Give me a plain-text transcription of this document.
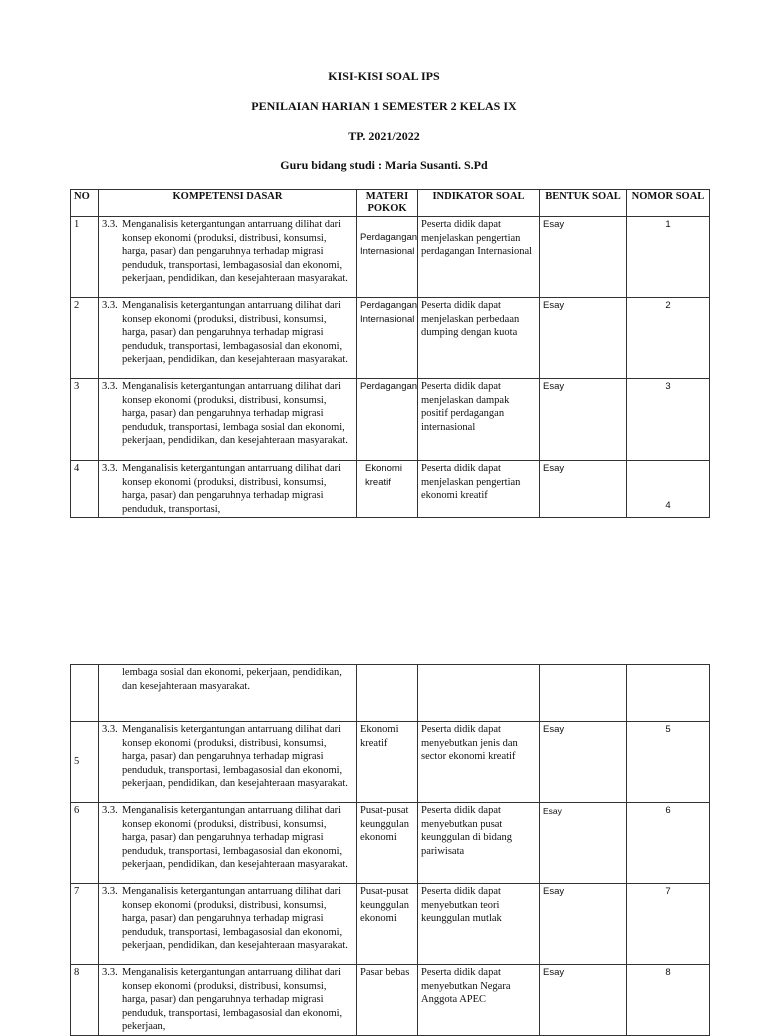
KISI-KISI SOAL IPS
PENILAIAN HARIAN 1 SEMESTER 2 KELAS IX
TP. 2021/2022
Guru bidang studi : Maria Susanti. S.Pd
NO	KOMPETENSI DASAR	MATERI POKOK	INDIKATOR SOAL	BENTUK SOAL	NOMOR SOAL
1	3.3. Menganalisis ketergantungan antarruang dilihat dari konsep ekonomi (produksi, distribusi, konsumsi, harga, pasar) dan pengaruhnya terhadap migrasi penduduk, transportasi, lembagasosial dan ekonomi, pekerjaan, pendidikan, dan kesejahteraan masyarakat.	Perdagangan Internasional	Peserta didik dapat menjelaskan pengertian perdagangan Internasional	Esay	1
2	3.3. Menganalisis ketergantungan antarruang dilihat dari konsep ekonomi (produksi, distribusi, konsumsi, harga, pasar) dan pengaruhnya terhadap migrasi penduduk, transportasi, lembagasosial dan ekonomi, pekerjaan, pendidikan, dan kesejahteraan masyarakat.	Perdagangan Internasional	Peserta didik dapat menjelaskan perbedaan dumping dengan kuota	Esay	2
3	3.3. Menganalisis ketergantungan antarruang dilihat dari konsep ekonomi (produksi, distribusi, konsumsi, harga, pasar) dan pengaruhnya terhadap migrasi penduduk, transportasi, lembaga sosial dan ekonomi, pekerjaan, pendidikan, dan kesejahteraan masyarakat.	Perdagangan	Peserta didik dapat menjelaskan dampak positif perdagangan internasional	Esay	3
4	3.3. Menganalisis ketergantungan antarruang dilihat dari konsep ekonomi (produksi, distribusi, konsumsi, harga, pasar) dan pengaruhnya terhadap migrasi penduduk, transportasi,	Ekonomi kreatif	Peserta didik dapat menjelaskan pengertian ekonomi kreatif	Esay	4

	lembaga sosial dan ekonomi, pekerjaan, pendidikan, dan kesejahteraan masyarakat.				

5	3.3. Menganalisis ketergantungan antarruang dilihat dari konsep ekonomi (produksi, distribusi, konsumsi, harga, pasar) dan pengaruhnya terhadap migrasi penduduk, transportasi, lembagasosial dan ekonomi, pekerjaan, pendidikan, dan kesejahteraan masyarakat.	Ekonomi kreatif	Peserta didik dapat menyebutkan jenis dan sector ekonomi kreatif	Esay	5
6	3.3. Menganalisis ketergantungan antarruang dilihat dari konsep ekonomi (produksi, distribusi, konsumsi, harga, pasar) dan pengaruhnya terhadap migrasi penduduk, transportasi, lembagasosial dan ekonomi, pekerjaan, pendidikan, dan kesejahteraan masyarakat.	Pusat-pusat keunggulan ekonomi	Peserta didik dapat menyebutkan pusat keunggulan di bidang pariwisata	Esay	6
7	3.3. Menganalisis ketergantungan antarruang dilihat dari konsep ekonomi (produksi, distribusi, konsumsi, harga, pasar) dan pengaruhnya terhadap migrasi penduduk, transportasi, lembagasosial dan ekonomi, pekerjaan, pendidikan, dan kesejahteraan masyarakat.	Pusat-pusat keunggulan ekonomi	Peserta didik dapat menyebutkan teori keunggulan mutlak	Esay	7
8	3.3. Menganalisis ketergantungan antarruang dilihat dari konsep ekonomi (produksi, distribusi, konsumsi, harga, pasar) dan pengaruhnya terhadap migrasi penduduk, transportasi, lembagasosial dan ekonomi, pekerjaan,	Pasar bebas	Peserta didik dapat menyebutkan Negara Anggota APEC	Esay	8
